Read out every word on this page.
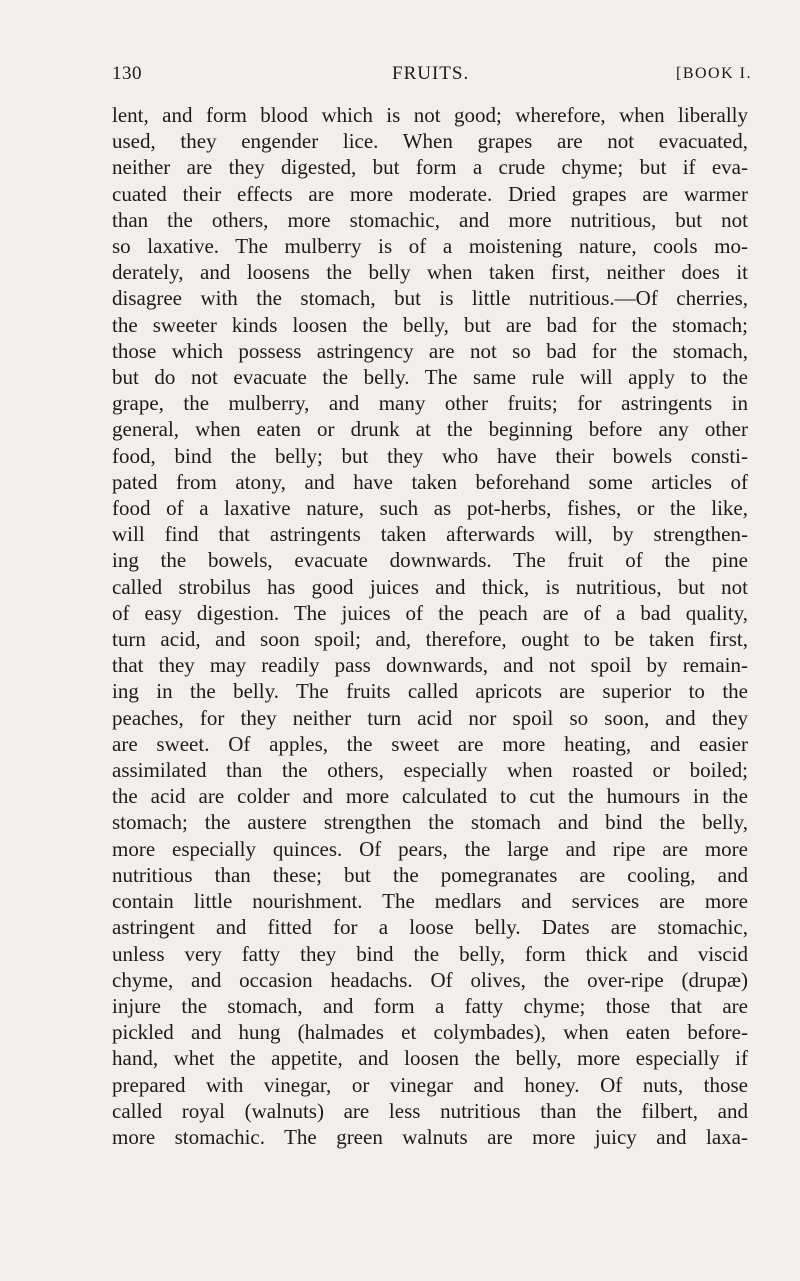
130	FRUITS.	[BOOK I.
lent, and form blood which is not good; wherefore, when liberally
used, they engender lice. When grapes are not evacuated,
neither are they digested, but form a crude chyme; but if eva-
cuated their effects are more moderate. Dried grapes are warmer
than the others, more stomachic, and more nutritious, but not
so laxative. The mulberry is of a moistening nature, cools mo-
derately, and loosens the belly when taken first, neither does it
disagree with the stomach, but is little nutritious.—Of cherries,
the sweeter kinds loosen the belly, but are bad for the stomach;
those which possess astringency are not so bad for the stomach,
but do not evacuate the belly. The same rule will apply to the
grape, the mulberry, and many other fruits; for astringents in
general, when eaten or drunk at the beginning before any other
food, bind the belly; but they who have their bowels consti-
pated from atony, and have taken beforehand some articles of
food of a laxative nature, such as pot-herbs, fishes, or the like,
will find that astringents taken afterwards will, by strengthen-
ing the bowels, evacuate downwards. The fruit of the pine
called strobilus has good juices and thick, is nutritious, but not
of easy digestion. The juices of the peach are of a bad quality,
turn acid, and soon spoil; and, therefore, ought to be taken first,
that they may readily pass downwards, and not spoil by remain-
ing in the belly. The fruits called apricots are superior to the
peaches, for they neither turn acid nor spoil so soon, and they
are sweet. Of apples, the sweet are more heating, and easier
assimilated than the others, especially when roasted or boiled;
the acid are colder and more calculated to cut the humours in the
stomach; the austere strengthen the stomach and bind the belly,
more especially quinces. Of pears, the large and ripe are more
nutritious than these; but the pomegranates are cooling, and
contain little nourishment. The medlars and services are more
astringent and fitted for a loose belly. Dates are stomachic,
unless very fatty they bind the belly, form thick and viscid
chyme, and occasion headachs. Of olives, the over-ripe (drupæ)
injure the stomach, and form a fatty chyme; those that are
pickled and hung (halmades et colymbades), when eaten before-
hand, whet the appetite, and loosen the belly, more especially if
prepared with vinegar, or vinegar and honey. Of nuts, those
called royal (walnuts) are less nutritious than the filbert, and
more stomachic. The green walnuts are more juicy and laxa-
